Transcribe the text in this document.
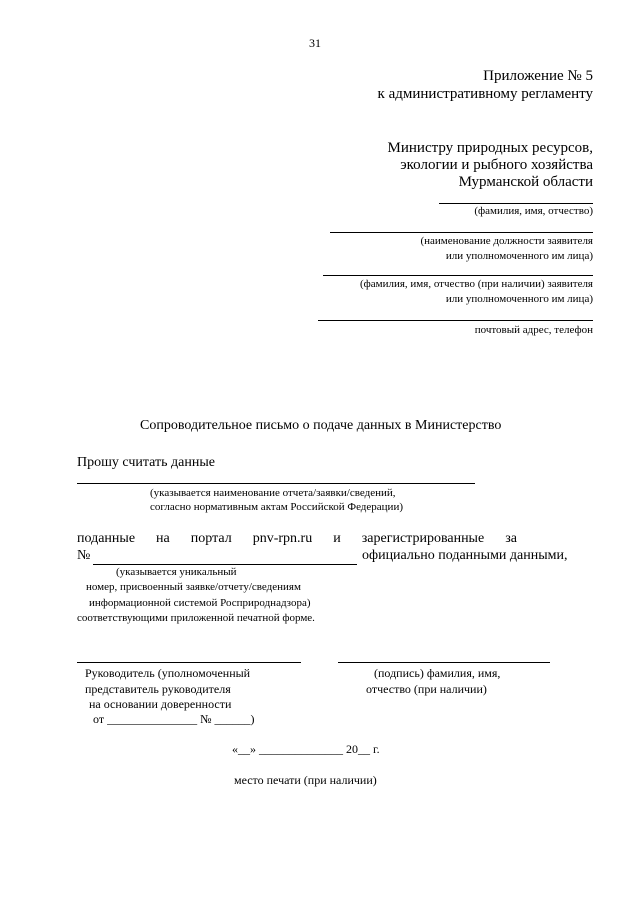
31
Приложение № 5
к административному регламенту
Министру природных ресурсов,
экологии и рыбного хозяйства
Мурманской области
(фамилия, имя, отчество)
(наименование должности заявителя
или уполномоченного им лица)
(фамилия, имя, отчество (при наличии) заявителя
или уполномоченного им лица)
почтовый адрес, телефон
Сопроводительное письмо о подаче данных в Министерство
Прошу считать данные
(указывается наименование отчета/заявки/сведений,
согласно нормативным актам Российской Федерации)
поданные на портал pnv-rpn.ru и зарегистрированные за
№	официально поданными данными,
(указывается уникальный
номер, присвоенный заявке/отчету/сведениям
информационной системой Росприроднадзора)
соответствующими приложенной печатной форме.
Руководитель (уполномоченный
представитель руководителя
на основании доверенности
от _______________ № ______)
(подпись) фамилия, имя,
отчество (при наличии)
«__» ______________ 20__ г.
место печати (при наличии)
